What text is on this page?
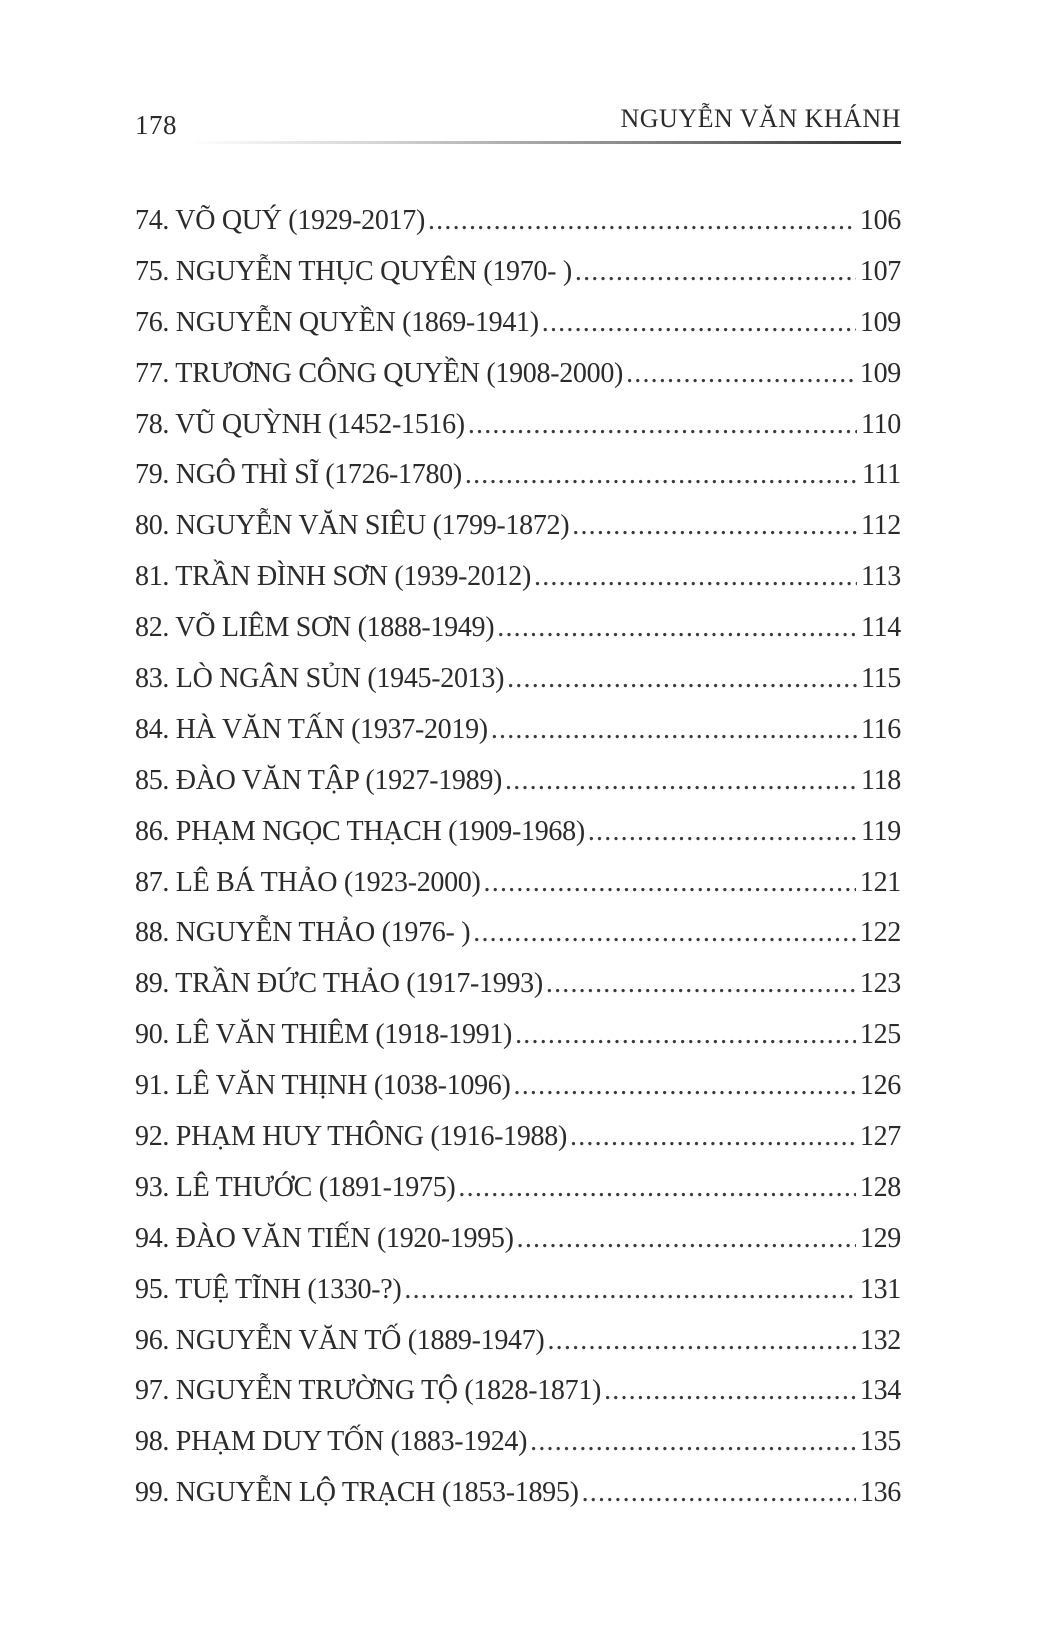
178	NGUYỄN VĂN KHÁNH
74. VÕ QUÝ (1929-2017) .....	106
75. NGUYỄN THỤC QUYÊN (1970- ) .....	107
76. NGUYỄN QUYỀN (1869-1941) .....	109
77. TRƯƠNG CÔNG QUYỀN (1908-2000) .....	109
78. VŨ QUỲNH (1452-1516) .....	110
79. NGÔ THÌ SĨ (1726-1780) .....	111
80. NGUYỄN VĂN SIÊU (1799-1872) .....	112
81. TRẦN ĐÌNH SƠN (1939-2012) .....	113
82. VÕ LIÊM SƠN (1888-1949) .....	114
83. LÒ NGÂN SỦN (1945-2013) .....	115
84. HÀ VĂN TẤN (1937-2019) .....	116
85. ĐÀO VĂN TẬP (1927-1989) .....	118
86. PHẠM NGỌC THẠCH (1909-1968) .....	119
87. LÊ BÁ THẢO (1923-2000) .....	121
88. NGUYỄN THẢO (1976- ) .....	122
89. TRẦN ĐỨC THẢO (1917-1993) .....	123
90. LÊ VĂN THIÊM (1918-1991) .....	125
91. LÊ VĂN THỊNH (1038-1096) .....	126
92. PHẠM HUY THÔNG (1916-1988) .....	127
93. LÊ THƯỚC (1891-1975) .....	128
94. ĐÀO VĂN TIẾN (1920-1995) .....	129
95. TUỆ TĨNH (1330-?) .....	131
96. NGUYỄN VĂN TỐ (1889-1947) .....	132
97. NGUYỄN TRƯỜNG TỘ (1828-1871) .....	134
98. PHẠM DUY TỐN (1883-1924) .....	135
99. NGUYỄN LỘ TRẠCH (1853-1895) .....	136
